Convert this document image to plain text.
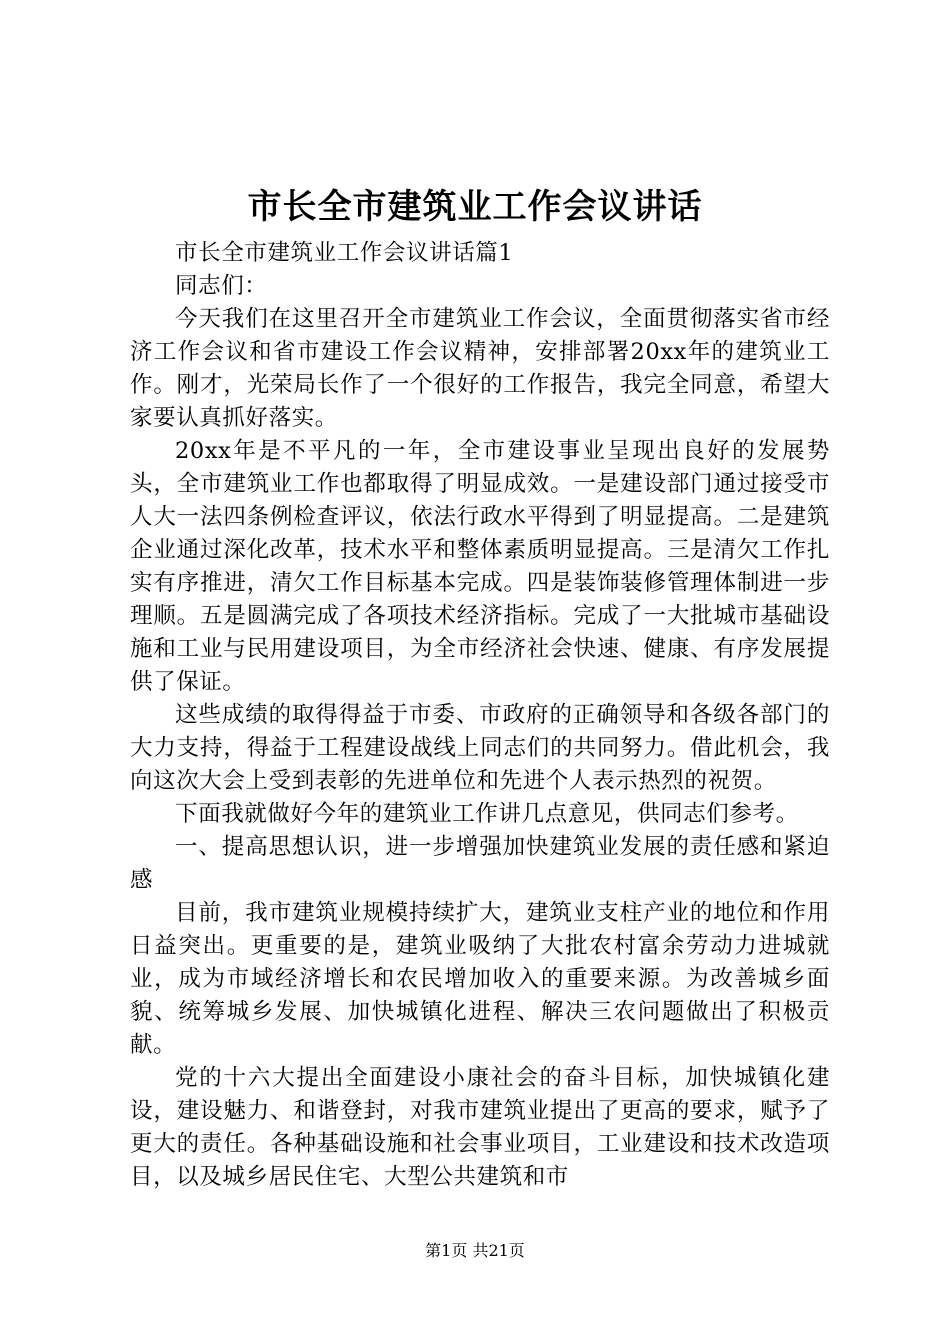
市长全市建筑业工作会议讲话

市长全市建筑业工作会议讲话篇1

同志们：

今天我们在这里召开全市建筑业工作会议，全面贯彻落实省市经济工作会议和省市建设工作会议精神，安排部署20xx年的建筑业工作。刚才，光荣局长作了一个很好的工作报告，我完全同意，希望大家要认真抓好落实。

20xx年是不平凡的一年，全市建设事业呈现出良好的发展势头，全市建筑业工作也都取得了明显成效。一是建设部门通过接受市人大一法四条例检查评议，依法行政水平得到了明显提高。二是建筑企业通过深化改革，技术水平和整体素质明显提高。三是清欠工作扎实有序推进，清欠工作目标基本完成。四是装饰装修管理体制进一步理顺。五是圆满完成了各项技术经济指标。完成了一大批城市基础设施和工业与民用建设项目，为全市经济社会快速、健康、有序发展提供了保证。

这些成绩的取得得益于市委、市政府的正确领导和各级各部门的大力支持，得益于工程建设战线上同志们的共同努力。借此机会，我向这次大会上受到表彰的先进单位和先进个人表示热烈的祝贺。

下面我就做好今年的建筑业工作讲几点意见，供同志们参考。

一、提高思想认识，进一步增强加快建筑业发展的责任感和紧迫感

目前，我市建筑业规模持续扩大，建筑业支柱产业的地位和作用日益突出。更重要的是，建筑业吸纳了大批农村富余劳动力进城就业，成为市域经济增长和农民增加收入的重要来源。为改善城乡面貌、统筹城乡发展、加快城镇化进程、解决三农问题做出了积极贡献。

党的十六大提出全面建设小康社会的奋斗目标，加快城镇化建设，建设魅力、和谐登封，对我市建筑业提出了更高的要求，赋予了更大的责任。各种基础设施和社会事业项目，工业建设和技术改造项目，以及城乡居民住宅、大型公共建筑和市

第1页 共21页
